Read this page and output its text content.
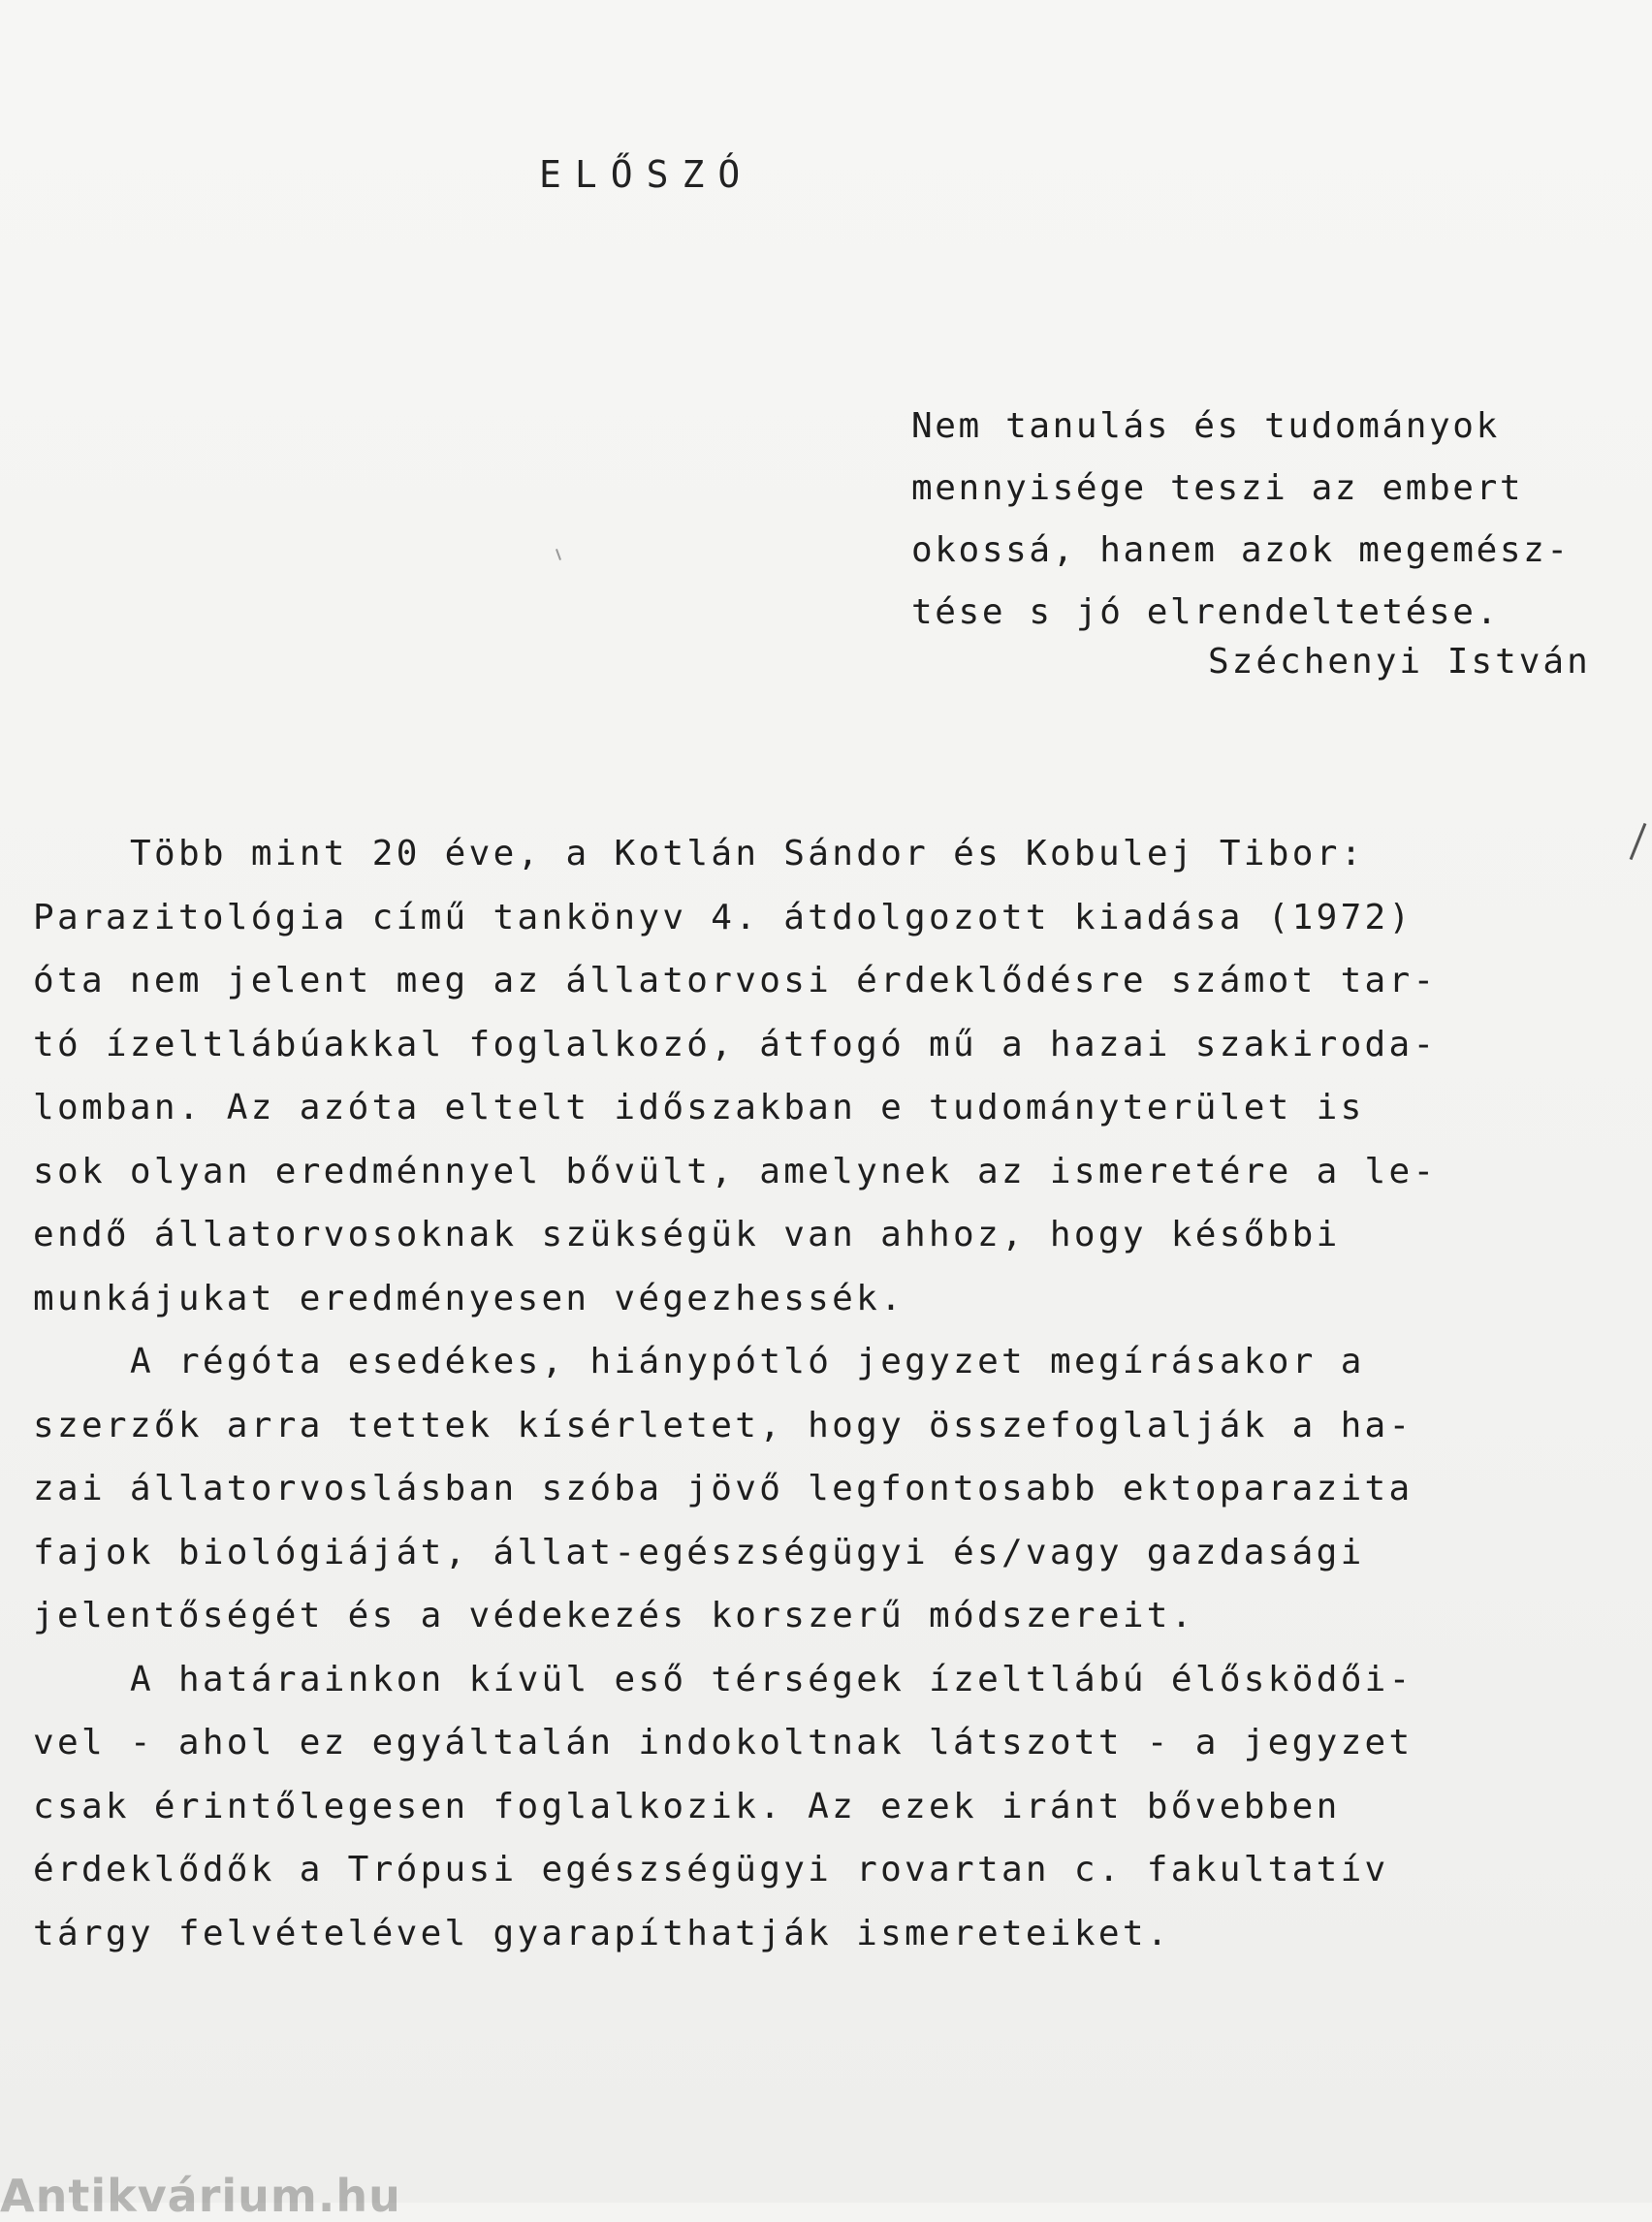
ELŐSZÓ
Nem tanulás és tudományok
mennyisége teszi az embert
okossá, hanem azok megemész-
tése s jó elrendeltetése.
Széchenyi István
Több mint 20 éve, a Kotlán Sándor és Kobulej Tibor:
Parazitológia című tankönyv 4. átdolgozott kiadása (1972)
óta nem jelent meg az állatorvosi érdeklődésre számot tar-
tó ízeltlábúakkal foglalkozó, átfogó mű a hazai szakiroda-
lomban. Az azóta eltelt időszakban e tudományterület is
sok olyan eredménnyel bővült, amelynek az ismeretére a le-
endő állatorvosoknak szükségük van ahhoz, hogy későbbi
munkájukat eredményesen végezhessék.
A régóta esedékes, hiánypótló jegyzet megírásakor a
szerzők arra tettek kísérletet, hogy összefoglalják a ha-
zai állatorvoslásban szóba jövő legfontosabb ektoparazita
fajok biológiáját, állat-egészségügyi és/vagy gazdasági
jelentőségét és a védekezés korszerű módszereit.
A határainkon kívül eső térségek ízeltlábú élősködői-
vel - ahol ez egyáltalán indokoltnak látszott - a jegyzet
csak érintőlegesen foglalkozik. Az ezek iránt bővebben
érdeklődők a Trópusi egészségügyi rovartan c. fakultatív
tárgy felvételével gyarapíthatják ismereteiket.
Antikvárium.hu
